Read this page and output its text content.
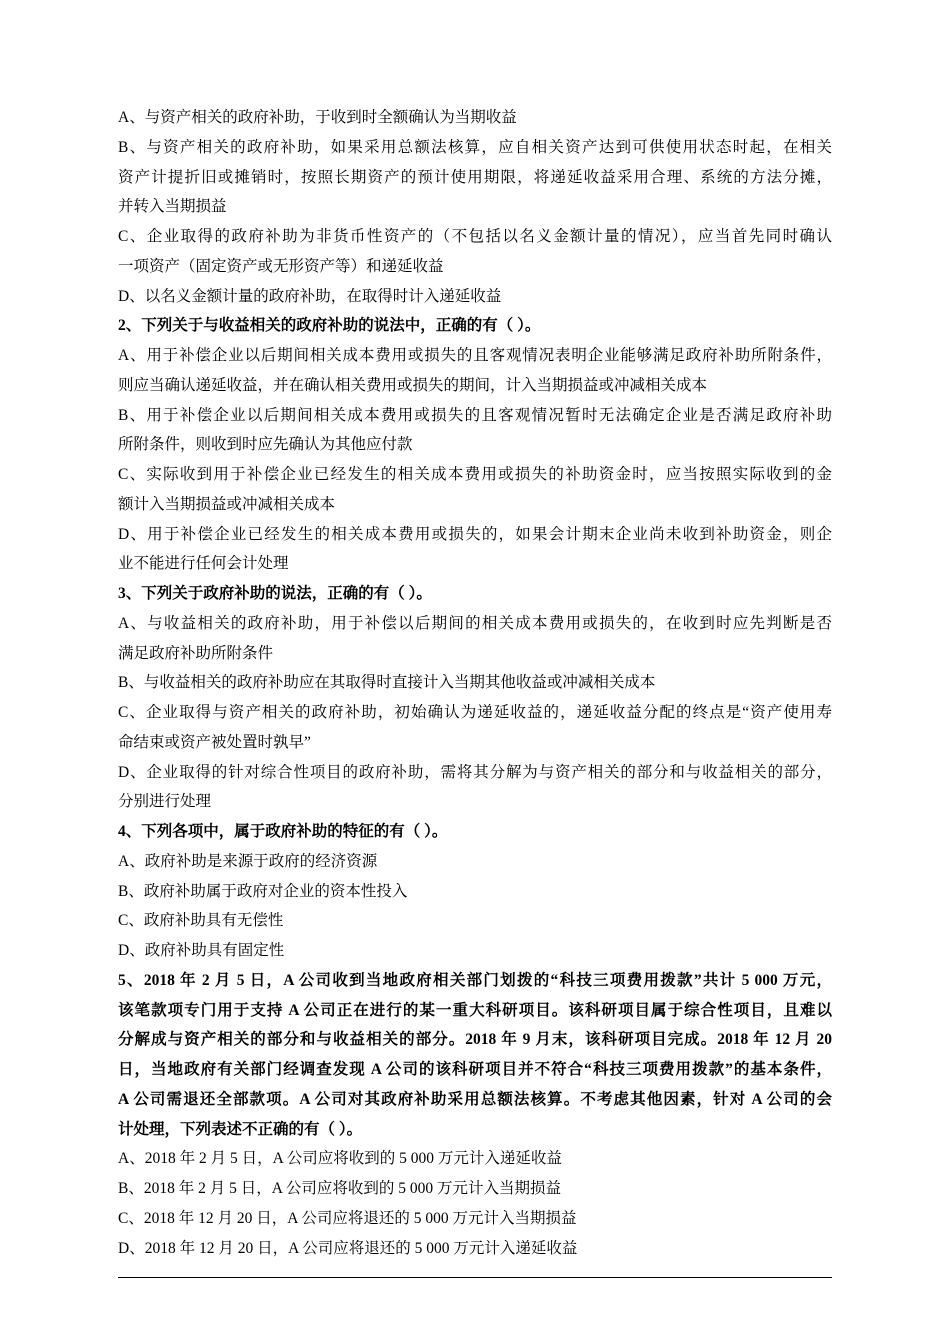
A、与资产相关的政府补助，于收到时全额确认为当期收益
B、与资产相关的政府补助，如果采用总额法核算，应自相关资产达到可供使用状态时起，在相关
资产计提折旧或摊销时，按照长期资产的预计使用期限，将递延收益采用合理、系统的方法分摊，
并转入当期损益
C、企业取得的政府补助为非货币性资产的（不包括以名义金额计量的情况），应当首先同时确认
一项资产（固定资产或无形资产等）和递延收益
D、以名义金额计量的政府补助，在取得时计入递延收益
2、下列关于与收益相关的政府补助的说法中，正确的有（ ）。
A、用于补偿企业以后期间相关成本费用或损失的且客观情况表明企业能够满足政府补助所附条件，
则应当确认递延收益，并在确认相关费用或损失的期间，计入当期损益或冲减相关成本
B、用于补偿企业以后期间相关成本费用或损失的且客观情况暂时无法确定企业是否满足政府补助
所附条件，则收到时应先确认为其他应付款
C、实际收到用于补偿企业已经发生的相关成本费用或损失的补助资金时，应当按照实际收到的金
额计入当期损益或冲减相关成本
D、用于补偿企业已经发生的相关成本费用或损失的，如果会计期末企业尚未收到补助资金，则企
业不能进行任何会计处理
3、下列关于政府补助的说法，正确的有（ ）。
A、与收益相关的政府补助，用于补偿以后期间的相关成本费用或损失的，在收到时应先判断是否
满足政府补助所附条件
B、与收益相关的政府补助应在其取得时直接计入当期其他收益或冲减相关成本
C、企业取得与资产相关的政府补助，初始确认为递延收益的，递延收益分配的终点是“资产使用寿
命结束或资产被处置时孰早”
D、企业取得的针对综合性项目的政府补助，需将其分解为与资产相关的部分和与收益相关的部分，
分别进行处理
4、下列各项中，属于政府补助的特征的有（ ）。
A、政府补助是来源于政府的经济资源
B、政府补助属于政府对企业的资本性投入
C、政府补助具有无偿性
D、政府补助具有固定性
5、2018 年 2 月 5 日，A 公司收到当地政府相关部门划拨的“科技三项费用拨款”共计 5 000 万元，
该笔款项专门用于支持 A 公司正在进行的某一重大科研项目。该科研项目属于综合性项目，且难以
分解成与资产相关的部分和与收益相关的部分。2018 年 9 月末，该科研项目完成。2018 年 12 月 20
日，当地政府有关部门经调查发现 A 公司的该科研项目并不符合“科技三项费用拨款”的基本条件，
A 公司需退还全部款项。A 公司对其政府补助采用总额法核算。不考虑其他因素，针对 A 公司的会
计处理，下列表述不正确的有（ ）。
A、2018 年 2 月 5 日，A 公司应将收到的 5 000 万元计入递延收益
B、2018 年 2 月 5 日，A 公司应将收到的 5 000 万元计入当期损益
C、2018 年 12 月 20 日，A 公司应将退还的 5 000 万元计入当期损益
D、2018 年 12 月 20 日，A 公司应将退还的 5 000 万元计入递延收益
